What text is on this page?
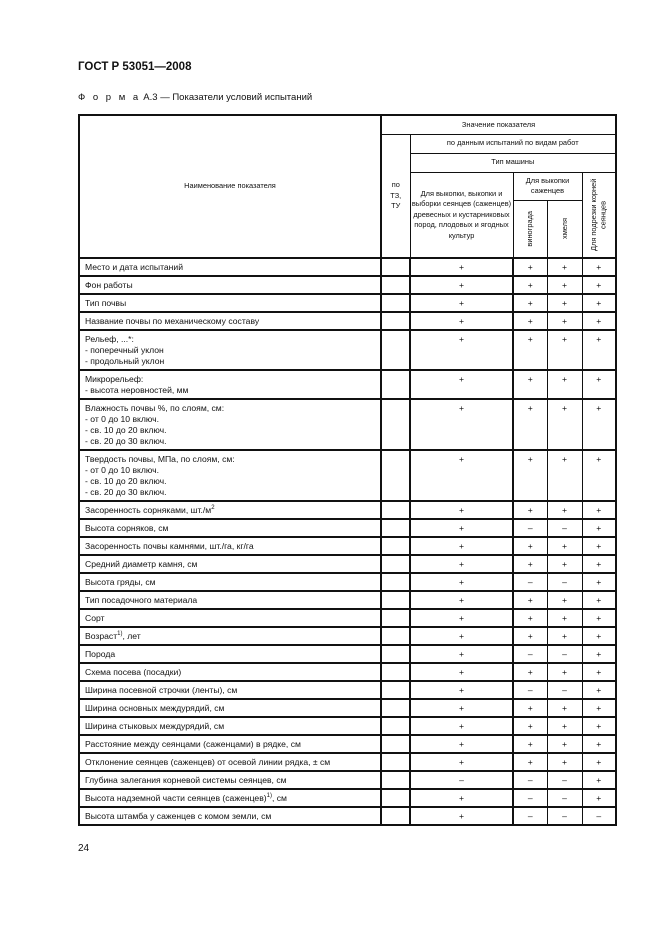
ГОСТ Р 53051—2008
Ф о р м а А.3 — Показатели условий испытаний
Наименование показателя	Значение показателя				

	по ТЗ, ТУ	по данным испытаний по видам работ			
		Тип машины			
		Для выкопки, выкопки и выборки сеянцев (саженцев) древесных и кустарниковых пород, плодовых и ягодных культур	Для выкопки саженцев		Для подрезки корней сеянцев

			винограда	хмеля	

Место и дата испытаний		+	+	+	+

Фон работы		+	+	+	+

Тип почвы		+	+	+	+

Название почвы по механическому составу		+	+	+	+

Рельеф, ...*:
- поперечный уклон
- продольный уклон		+	+	+	+

Микрорельеф:
- высота неровностей, мм		+	+	+	+

Влажность почвы %, по слоям, см:
- от 0 до 10 включ.
- св. 10 до 20 включ.
- св. 20 до 30 включ.		+	+	+	+

Твердость почвы, МПа, по слоям, см:
- от 0 до 10 включ.
- св. 10 до 20 включ.
- св. 20 до 30 включ.		+	+	+	+

Засоренность сорняками, $шт./м^2$		+	+	+	+

Высота сорняков, см		+	–	–	+

Засоренность почвы камнями, шт./га, кг/га		+	+	+	+

Средний диаметр камня, см		+	+	+	+

Высота гряды, см		+	–	–	+

Тип посадочного материала		+	+	+	+

Сорт		+	+	+	+

Возраст$^{1)}$, лет		+	+	+	+

Порода		+	–	–	+

Схема посева (посадки)		+	+	+	+

Ширина посевной строчки (ленты), см		+	–	–	+

Ширина основных междурядий, см		+	+	+	+

Ширина стыковых междурядий, см		+	+	+	+

Расстояние между сеянцами (саженцами) в рядке, см		+	+	+	+

Отклонение сеянцев (саженцев) от осевой линии рядка, ± см		+	+	+	+

Глубина залегания корневой системы сеянцев, см		–	–	–	+

Высота надземной части сеянцев (саженцев)$^{1)}$, см		+	–	–	+

Высота штамба у саженцев с комом земли, см		+	–	–	–
24
